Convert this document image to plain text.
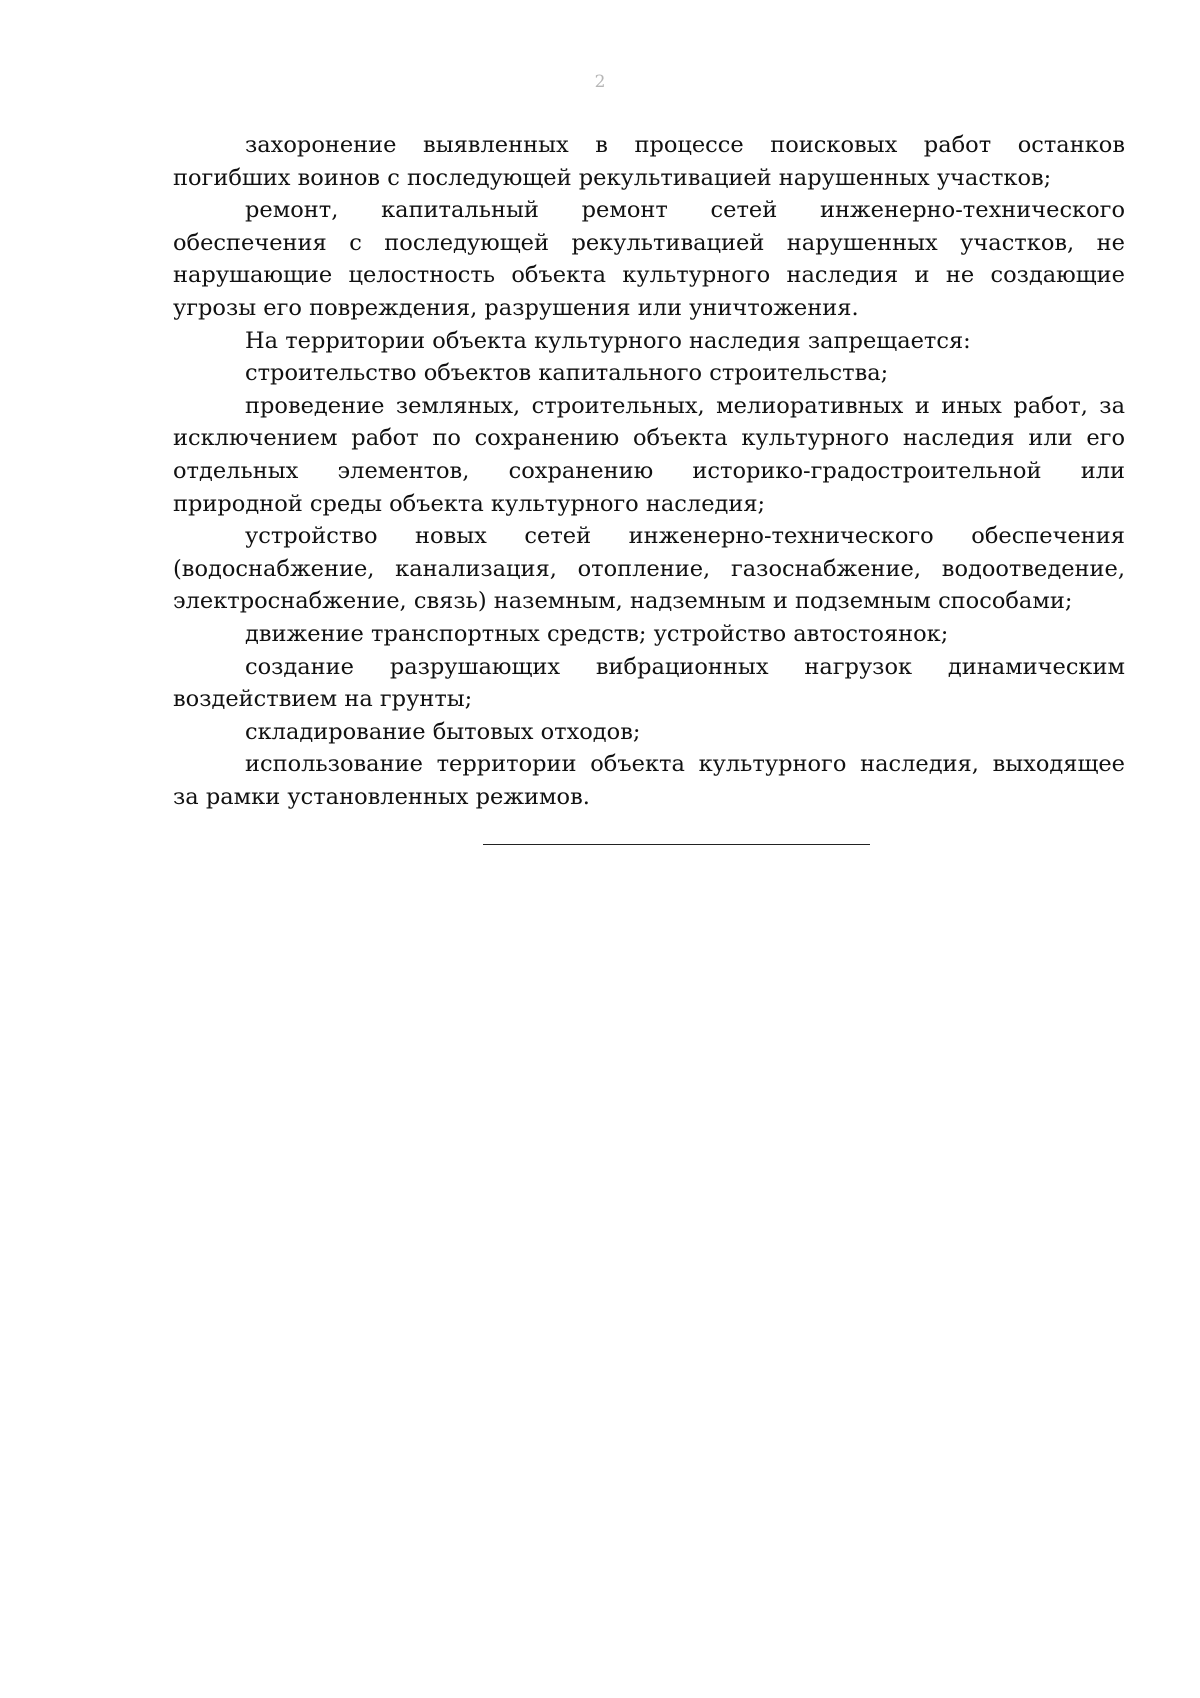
2

захоронение выявленных в процессе поисковых работ останков погибших воинов с последующей рекультивацией нарушенных участков;

ремонт, капитальный ремонт сетей инженерно-технического обеспечения с последующей рекультивацией нарушенных участков, не нарушающие целостность объекта культурного наследия и не создающие угрозы его повреждения, разрушения или уничтожения.

На территории объекта культурного наследия запрещается:

строительство объектов капитального строительства;

проведение земляных, строительных, мелиоративных и иных работ, за исключением работ по сохранению объекта культурного наследия или его отдельных элементов, сохранению историко-градостроительной или природной среды объекта культурного наследия;

устройство новых сетей инженерно-технического обеспечения (водоснабжение, канализация, отопление, газоснабжение, водоотведение, электроснабжение, связь) наземным, надземным и подземным способами;

движение транспортных средств; устройство автостоянок;

создание разрушающих вибрационных нагрузок динамическим воздействием на грунты;

складирование бытовых отходов;

использование территории объекта культурного наследия, выходящее за рамки установленных режимов.
